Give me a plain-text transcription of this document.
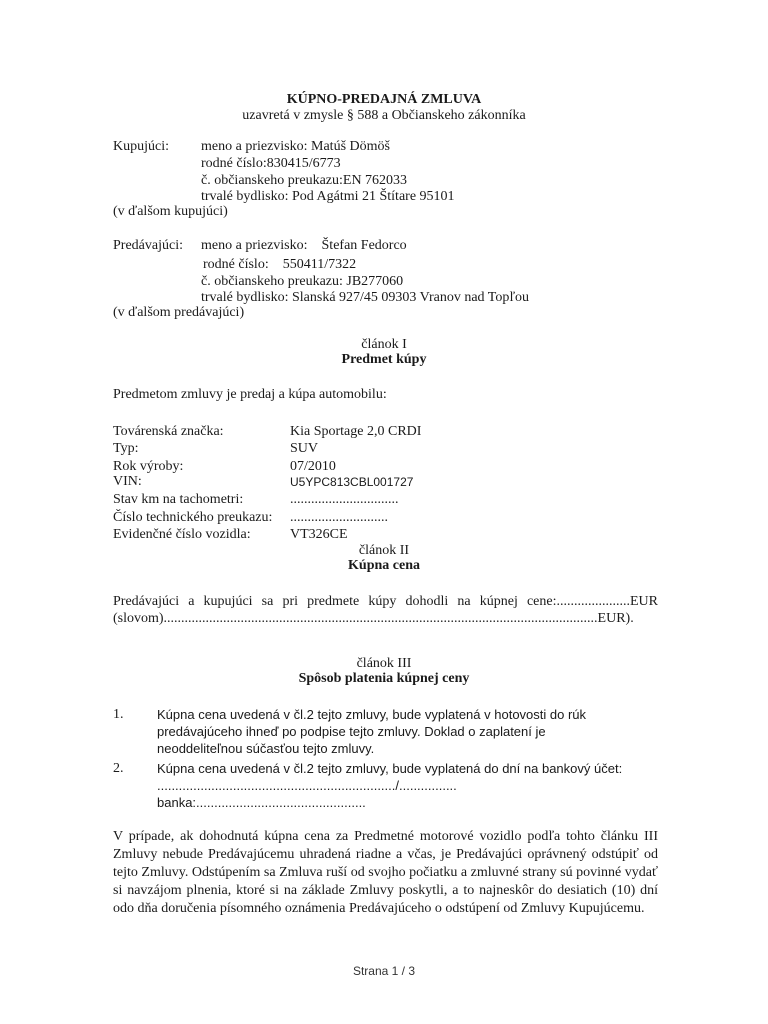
KÚPNO-PREDAJNÁ ZMLUVA
uzavretá v zmysle § 588 a Občianskeho zákonníka
Kupujúci: meno a priezvisko: Matúš Dömöš
rodné číslo:830415/6773
č. občianskeho preukazu:EN 762033
trvalé bydlisko: Pod Agátmi 21 Štítare 95101
(v ďalšom kupujúci)
Predávajúci: meno a priezvisko:    Štefan Fedorco
rodné číslo:    550411/7322
č. občianskeho preukazu: JB277060
trvalé bydlisko: Slanská 927/45 09303 Vranov nad Topľou
(v ďalšom predávajúci)
článok I
Predmet kúpy
Predmetom zmluvy je predaj a kúpa automobilu:
Továrenská značka:	Kia Sportage 2,0 CRDI
Typ:	SUV
Rok výroby:	07/2010
VIN:	U5YPC813CBL001727
Stav km na tachometri:	...............................
Číslo technického preukazu: ............................
Evidenčné číslo vozidla:	VT326CE
článok II
Kúpna cena
Predávajúci a kupujúci sa pri predmete kúpy dohodli na kúpnej cene:.....................EUR
(slovom)............................................................................................................................EUR).
článok III
Spôsob platenia kúpnej ceny
1.	Kúpna cena uvedená v čl.2 tejto zmluvy, bude vyplatená v hotovosti do rúk
predávajúceho ihneď po podpise tejto zmluvy. Doklad o zaplatení je
neoddeliteľnou súčasťou tejto zmluvy.
2.	Kúpna cena uvedená v čl.2 tejto zmluvy, bude vyplatená do dní na bankový účet:
................................................................../................
banka:...............................................
V prípade, ak dohodnutá kúpna cena za Predmetné motorové vozidlo podľa tohto článku III Zmluvy nebude Predávajúcemu uhradená riadne a včas, je Predávajúci oprávnený odstúpiť od tejto Zmluvy. Odstúpením sa Zmluva ruší od svojho počiatku a zmluvné strany sú povinné vydať si navzájom plnenia, ktoré si na základe Zmluvy poskytli, a to najneskôr do desiatich (10) dní odo dňa doručenia písomného oznámenia Predávajúceho o odstúpení od Zmluvy Kupujúcemu.
Strana 1 / 3
